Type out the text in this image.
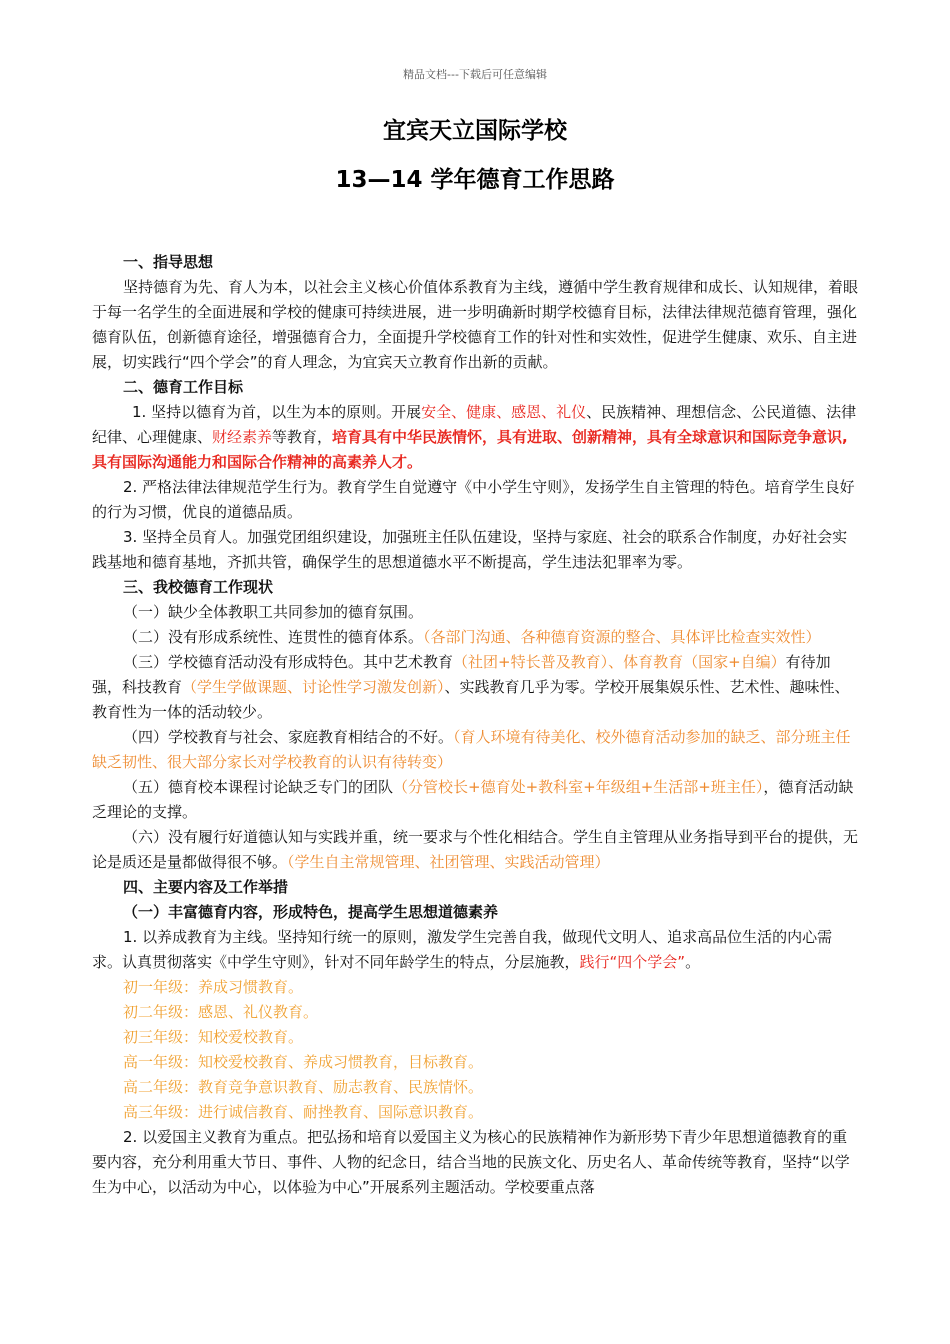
精品文档---下载后可任意编辑
宜宾天立国际学校
13—14 学年德育工作思路

一、指导思想

坚持德育为先、育人为本，以社会主义核心价值体系教育为主线，遵循中学生教育规律和成长、认知规律，着眼于每一名学生的全面进展和学校的健康可持续进展，进一步明确新时期学校德育目标，法律法律规范德育管理，强化德育队伍，创新德育途径，增强德育合力，全面提升学校德育工作的针对性和实效性，促进学生健康、欢乐、自主进展，切实践行“四个学会”的育人理念，为宜宾天立教育作出新的贡献。

二、德育工作目标

1. 坚持以德育为首，以生为本的原则。开展安全、健康、感恩、礼仪、民族精神、理想信念、公民道德、法律纪律、心理健康、财经素养等教育，培育具有中华民族情怀，具有进取、创新精神，具有全球意识和国际竞争意识,具有国际沟通能力和国际合作精神的高素养人才。

2. 严格法律法律规范学生行为。教育学生自觉遵守《中小学生守则》，发扬学生自主管理的特色。培育学生良好的行为习惯，优良的道德品质。

3. 坚持全员育人。加强党团组织建设，加强班主任队伍建设，坚持与家庭、社会的联系合作制度，办好社会实践基地和德育基地，齐抓共管，确保学生的思想道德水平不断提高，学生违法犯罪率为零。

三、我校德育工作现状

（一）缺少全体教职工共同参加的德育氛围。

（二）没有形成系统性、连贯性的德育体系。（各部门沟通、各种德育资源的整合、具体评比检查实效性）

（三）学校德育活动没有形成特色。其中艺术教育（社团+特长普及教育）、体育教育（国家+自编）有待加强，科技教育（学生学做课题、讨论性学习激发创新）、实践教育几乎为零。学校开展集娱乐性、艺术性、趣味性、教育性为一体的活动较少。

（四）学校教育与社会、家庭教育相结合的不好。（育人环境有待美化、校外德育活动参加的缺乏、部分班主任缺乏韧性、很大部分家长对学校教育的认识有待转变）

（五）德育校本课程讨论缺乏专门的团队（分管校长+德育处+教科室+年级组+生活部+班主任），德育活动缺乏理论的支撑。

（六）没有履行好道德认知与实践并重，统一要求与个性化相结合。学生自主管理从业务指导到平台的提供，无论是质还是量都做得很不够。（学生自主常规管理、社团管理、实践活动管理）

四、主要内容及工作举措

（一）丰富德育内容，形成特色，提高学生思想道德素养

1. 以养成教育为主线。坚持知行统一的原则，激发学生完善自我，做现代文明人、追求高品位生活的内心需求。认真贯彻落实《中学生守则》，针对不同年龄学生的特点，分层施教，践行“四个学会”。

初一年级：养成习惯教育。

初二年级：感恩、礼仪教育。

初三年级：知校爱校教育。

高一年级：知校爱校教育、养成习惯教育，目标教育。

高二年级：教育竞争意识教育、励志教育、民族情怀。

高三年级：进行诚信教育、耐挫教育、国际意识教育。

2. 以爱国主义教育为重点。把弘扬和培育以爱国主义为核心的民族精神作为新形势下青少年思想道德教育的重要内容，充分利用重大节日、事件、人物的纪念日，结合当地的民族文化、历史名人、革命传统等教育，坚持“以学生为中心，以活动为中心，以体验为中心”开展系列主题活动。学校要重点落
